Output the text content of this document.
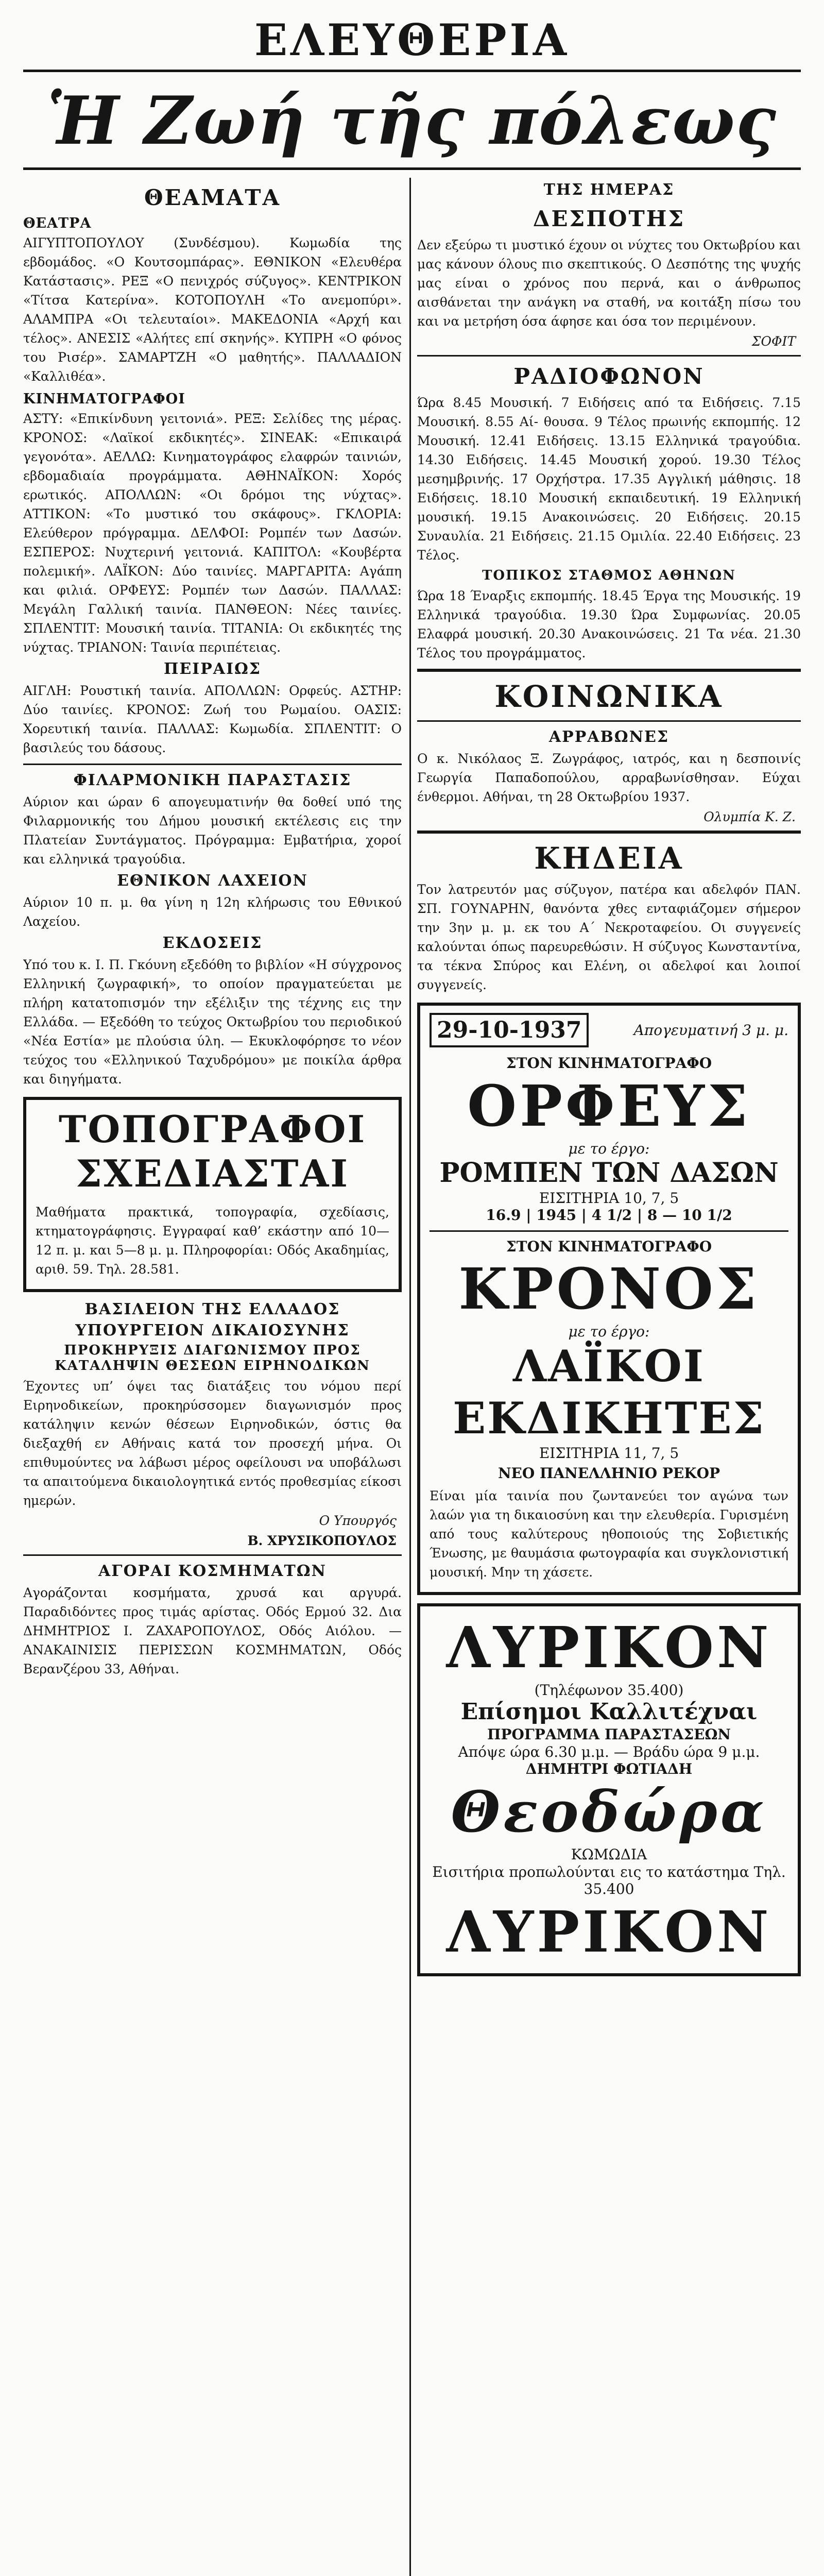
ΕΛΕΥΘΕΡΙΑ
Ἡ Ζωή τῆς πόλεως
ΘΕΑΜΑΤΑ
ΘΕΑΤΡΑ

ΑΙΓΥΠΤΟΠΟΥΛΟΥ (Συνδέσμου). Κωμωδία της εβδομάδος. «Ο Κουτσομπάρας». ΕΘΝΙΚΟΝ «Ελευθέρα Κατάστασις». ΡΕΞ «Ο πενιχρός σύζυγος». ΚΕΝΤΡΙΚΟΝ «Τίτσα Κατερίνα». ΚΟΤΟΠΟΥΛΗ «Το ανεμοπύρι». ΑΛΑΜΠΡΑ «Οι τελευταίοι». ΜΑΚΕΔΟΝΙΑ «Αρχή και τέλος». ΑΝΕΣΙΣ «Αλήτες επί σκηνής». ΚΥΠΡΗ «Ο φόνος του Ρισέρ». ΣΑΜΑΡΤΖΗ «Ο μαθητής». ΠΑΛΛΑΔΙΟΝ «Καλλιθέα».

ΚΙΝΗΜΑΤΟΓΡΑΦΟΙ

ΑΣΤΥ: «Επικίνδυνη γειτονιά». ΡΕΞ: Σελίδες της μέρας. ΚΡΟΝΟΣ: «Λαϊκοί εκδικητές». ΣΙΝΕΑΚ: «Επικαιρά γεγονότα». ΑΕΛΛΩ: Κινηματογράφος ελαφρών ταινιών, εβδομαδιαία προγράμματα. ΑΘΗΝΑΪΚΟΝ: Χορός ερωτικός. ΑΠΟΛΛΩΝ: «Οι δρόμοι της νύχτας». ΑΤΤΙΚΟΝ: «Το μυστικό του σκάφους». ΓΚΛΟΡΙΑ: Ελεύθερον πρόγραμμα. ΔΕΛΦΟΙ: Ρομπέν των Δασών. ΕΣΠΕΡΟΣ: Νυχτερινή γειτονιά. ΚΑΠΙΤΟΛ: «Κουβέρτα πολεμική». ΛΑΪΚΟΝ: Δύο ταινίες. ΜΑΡΓΑΡΙΤΑ: Αγάπη και φιλιά. ΟΡΦΕΥΣ: Ρομπέν των Δασών. ΠΑΛΛΑΣ: Μεγάλη Γαλλική ταινία. ΠΑΝΘΕΟΝ: Νέες ταινίες. ΣΠΛΕΝΤΙΤ: Μουσική ταινία. ΤΙΤΑΝΙΑ: Οι εκδικητές της νύχτας. ΤΡΙΑΝΟΝ: Ταινία περιπέτειας.

ΠΕΙΡΑΙΩΣ

ΑΙΓΛΗ: Ρουστική ταινία. ΑΠΟΛΛΩΝ: Ορφεύς. ΑΣΤΗΡ: Δύο ταινίες. ΚΡΟΝΟΣ: Ζωή του Ρωμαίου. ΟΑΣΙΣ: Χορευτική ταινία. ΠΑΛΛΑΣ: Κωμωδία. ΣΠΛΕΝΤΙΤ: Ο βασιλεύς του δάσους.

ΦΙΛΑΡΜΟΝΙΚΗ ΠΑΡΑΣΤΑΣΙΣ

Αύριον και ώραν 6 απογευματινήν θα δοθεί υπό της Φιλαρμονικής του Δήμου μουσική εκτέλεσις εις την Πλατείαν Συντάγματος. Πρόγραμμα: Εμβατήρια, χοροί και ελληνικά τραγούδια.

ΕΘΝΙΚΟΝ ΛΑΧΕΙΟΝ

Αύριον 10 π. μ. θα γίνη η 12η κλήρωσις του Εθνικού Λαχείου.

ΕΚΔΟΣΕΙΣ

Υπό του κ. Ι. Π. Γκόυνη εξεδόθη το βιβλίον «Η σύγχρονος Ελληνική ζωγραφική», το οποίον πραγματεύεται με πλήρη κατατοπισμόν την εξέλιξιν της τέχνης εις την Ελλάδα. — Εξεδόθη το τεύχος Οκτωβρίου του περιοδικού «Νέα Εστία» με πλούσια ύλη. — Εκυκλοφόρησε το νέον τεύχος του «Ελληνικού Ταχυδρόμου» με ποικίλα άρθρα και διηγήματα.

ΤΟΠΟΓΡΑΦΟΙ ΣΧΕΔΙΑΣΤΑΙ

Μαθήματα πρακτικά, τοπογραφία, σχεδίασις, κτηματογράφησις. Εγγραφαί καθ’ εκάστην από 10—12 π. μ. και 5—8 μ. μ. Πληροφορίαι: Οδός Ακαδημίας, αριθ. 59. Τηλ. 28.581.

ΒΑΣΙΛΕΙΟΝ ΤΗΣ ΕΛΛΑΔΟΣ
ΥΠΟΥΡΓΕΙΟΝ ΔΙΚΑΙΟΣΥΝΗΣ
ΠΡΟΚΗΡΥΞΙΣ ΔΙΑΓΩΝΙΣΜΟΥ ΠΡΟΣ ΚΑΤΑΛΗΨΙΝ ΘΕΣΕΩΝ ΕΙΡΗΝΟΔΙΚΩΝ

Έχοντες υπ’ όψει τας διατάξεις του νόμου περί Ειρηνοδικείων, προκηρύσσομεν διαγωνισμόν προς κατάληψιν κενών θέσεων Ειρηνοδικών, όστις θα διεξαχθή εν Αθήναις κατά τον προσεχή μήνα. Οι επιθυμούντες να λάβωσι μέρος οφείλουσι να υποβάλωσι τα απαιτούμενα δικαιολογητικά εντός προθεσμίας είκοσι ημερών.

Ο Υπουργός
Β. ΧΡΥΣΙΚΟΠΟΥΛΟΣ
ΑΓΟΡΑΙ ΚΟΣΜΗΜΑΤΩΝ

Αγοράζονται κοσμήματα, χρυσά και αργυρά. Παραδιδόντες προς τιμάς αρίστας. Οδός Ερμού 32. Δια ΔΗΜΗΤΡΙΟΣ Ι. ΖΑΧΑΡΟΠΟΥΛΟΣ, Οδός Αιόλου. — ΑΝΑΚΑΙΝΙΣΙΣ ΠΕΡΙΣΣΩΝ ΚΟΣΜΗΜΑΤΩΝ, Οδός Βερανζέρου 33, Αθήναι.

ΤΗΣ ΗΜΕΡΑΣ
ΔΕΣΠΟΤΗΣ

Δεν εξεύρω τι μυστικό έχουν οι νύχτες του Οκτωβρίου και μας κάνουν όλους πιο σκεπτικούς. Ο Δεσπότης της ψυχής μας είναι ο χρόνος που περνά, και ο άνθρωπος αισθάνεται την ανάγκη να σταθή, να κοιτάξη πίσω του και να μετρήση όσα άφησε και όσα τον περιμένουν.

ΣΟΦΙΤ
ΡΑΔΙΟΦΩΝΟΝ

Ώρα 8.45 Μουσική. 7 Ειδήσεις από τα Ειδήσεις. 7.15 Μουσική. 8.55 Αί- θουσα. 9 Τέλος πρωινής εκπομπής. 12 Μουσική. 12.41 Ειδήσεις. 13.15 Ελληνικά τραγούδια. 14.30 Ειδήσεις. 14.45 Μουσική χορού. 19.30 Τέλος μεσημβρινής. 17 Ορχήστρα. 17.35 Αγγλική μάθησις. 18 Ειδήσεις. 18.10 Μουσική εκπαιδευτική. 19 Ελληνική μουσική. 19.15 Ανακοινώσεις. 20 Ειδήσεις. 20.15 Συναυλία. 21 Ειδήσεις. 21.15 Ομιλία. 22.40 Ειδήσεις. 23 Τέλος.

ΤΟΠΙΚΟΣ ΣΤΑΘΜΟΣ ΑΘΗΝΩΝ

Ώρα 18 Έναρξις εκπομπής. 18.45 Έργα της Μουσικής. 19 Ελληνικά τραγούδια. 19.30 Ώρα Συμφωνίας. 20.05 Ελαφρά μουσική. 20.30 Ανακοινώσεις. 21 Τα νέα. 21.30 Τέλος του προγράμματος.

ΚΟΙΝΩΝΙΚΑ
ΑΡΡΑΒΩΝΕΣ

Ο κ. Νικόλαος Ξ. Ζωγράφος, ιατρός, και η δεσποινίς Γεωργία Παπαδοπούλου, αρραβωνίσθησαν. Εύχαι ένθερμοι. Αθήναι, τη 28 Οκτωβρίου 1937.

Ολυμπία Κ. Ζ.
ΚΗΔΕΙΑ

Τον λατρευτόν μας σύζυγον, πατέρα και αδελφόν ΠΑΝ. ΣΠ. ΓΟΥΝΑΡΗΝ, θανόντα χθες ενταφιάζομεν σήμερον την 3ην μ. μ. εκ του Α΄ Νεκροταφείου. Οι συγγενείς καλούνται όπως παρευρεθώσιν. Η σύζυγος Κωνσταντίνα, τα τέκνα Σπύρος και Ελένη, οι αδελφοί και λοιποί συγγενείς.

29-10-1937	Απογευματινή 3 μ. μ.
ΣΤΟΝ ΚΙΝΗΜΑΤΟΓΡΑΦΟ
ΟΡΦΕΥΣ
με το έργο:
ΡΟΜΠΕΝ ΤΩΝ ΔΑΣΩΝ
ΕΙΣΙΤΗΡΙΑ 10, 7, 5
16.9 | 1945 | 4 1/2 | 8 — 10 1/2
ΣΤΟΝ ΚΙΝΗΜΑΤΟΓΡΑΦΟ
ΚΡΟΝΟΣ
με το έργο:
ΛΑΪΚΟΙ ΕΚΔΙΚΗΤΕΣ
ΕΙΣΙΤΗΡΙΑ 11, 7, 5
ΝΕΟ ΠΑΝΕΛΛΗΝΙΟ ΡΕΚΟΡ

Είναι μία ταινία που ζωντανεύει τον αγώνα των λαών για τη δικαιοσύνη και την ελευθερία. Γυρισμένη από τους καλύτερους ηθοποιούς της Σοβιετικής Ένωσης, με θαυμάσια φωτογραφία και συγκλονιστική μουσική. Μην τη χάσετε.

ΛΥΡΙΚΟΝ
(Τηλέφωνον 35.400)
Επίσημοι Καλλιτέχναι
ΠΡΟΓΡΑΜΜΑ ΠΑΡΑΣΤΑΣΕΩΝ
Απόψε ώρα 6.30 μ.μ. — Βράδυ ώρα 9 μ.μ.
ΔΗΜΗΤΡΙ ΦΩΤΙΑΔΗ
Θεοδώρα
ΚΩΜΩΔΙΑ
Εισιτήρια προπωλούνται εις το κατάστημα Τηλ. 35.400
ΛΥΡΙΚΟΝ
